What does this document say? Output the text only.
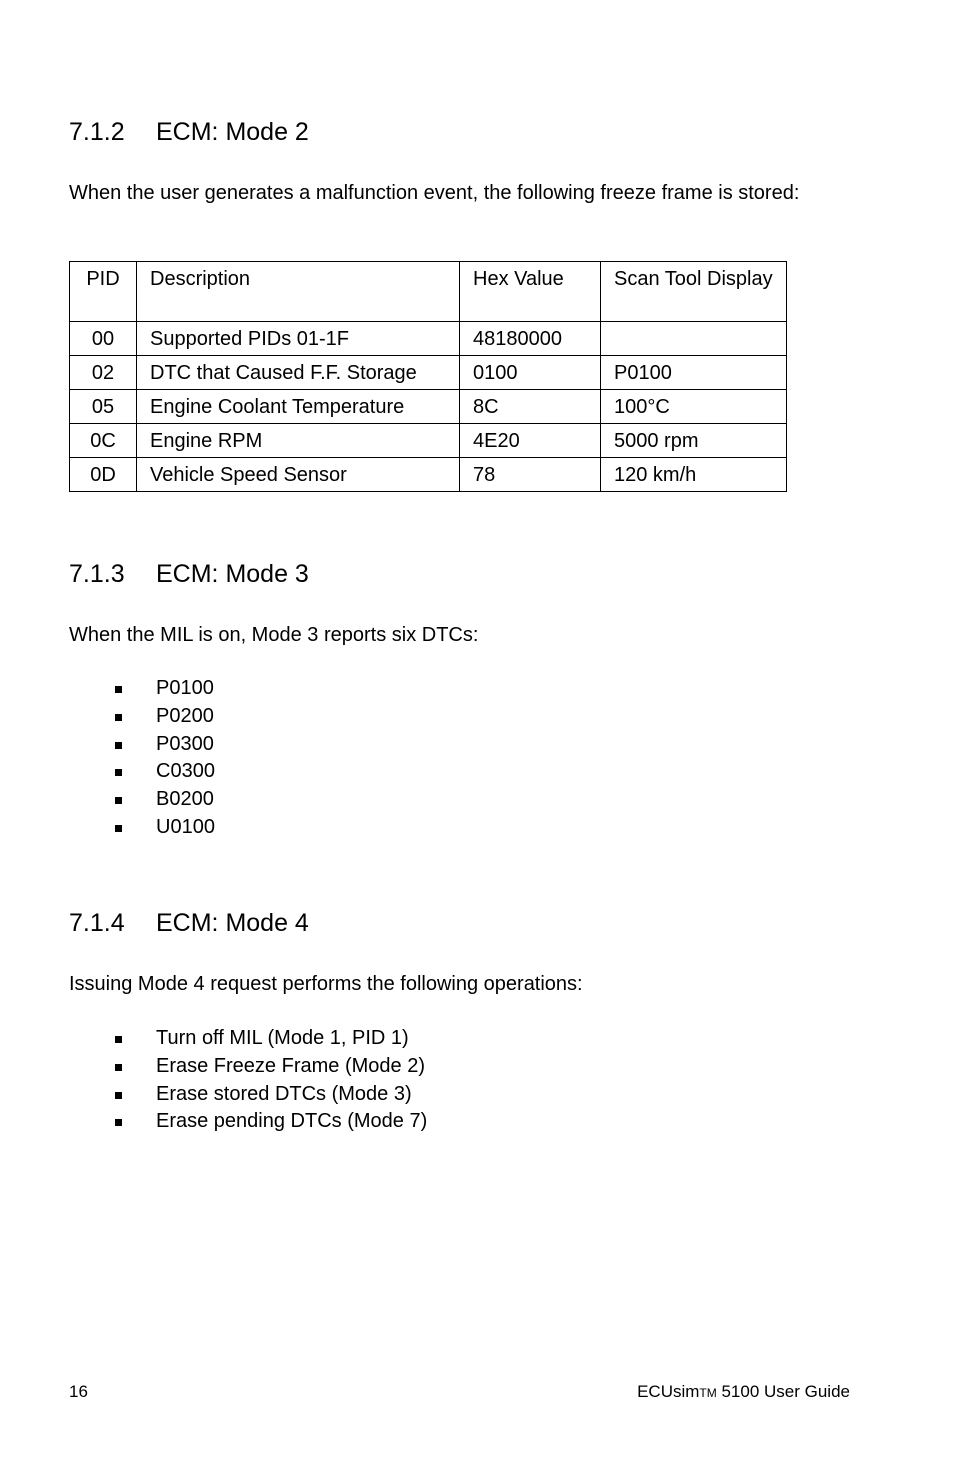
7.1.2 ECM: Mode 2

When the user generates a malfunction event, the following freeze frame is stored:

PID	Description	Hex Value	Scan Tool Display
00	Supported PIDs 01-1F	48180000	
02	DTC that Caused F.F. Storage	0100	P0100
05	Engine Coolant Temperature	8C	100°C
0C	Engine RPM	4E20	5000 rpm
0D	Vehicle Speed Sensor	78	120 km/h
7.1.3 ECM: Mode 3

When the MIL is on, Mode 3 reports six DTCs:

P0100
P0200
P0300
C0300
B0200
U0100
7.1.4 ECM: Mode 4

Issuing Mode 4 request performs the following operations:

Turn off MIL (Mode 1, PID 1)
Erase Freeze Frame (Mode 2)
Erase stored DTCs (Mode 3)
Erase pending DTCs (Mode 7)
16	ECUsim™ 5100 User Guide
